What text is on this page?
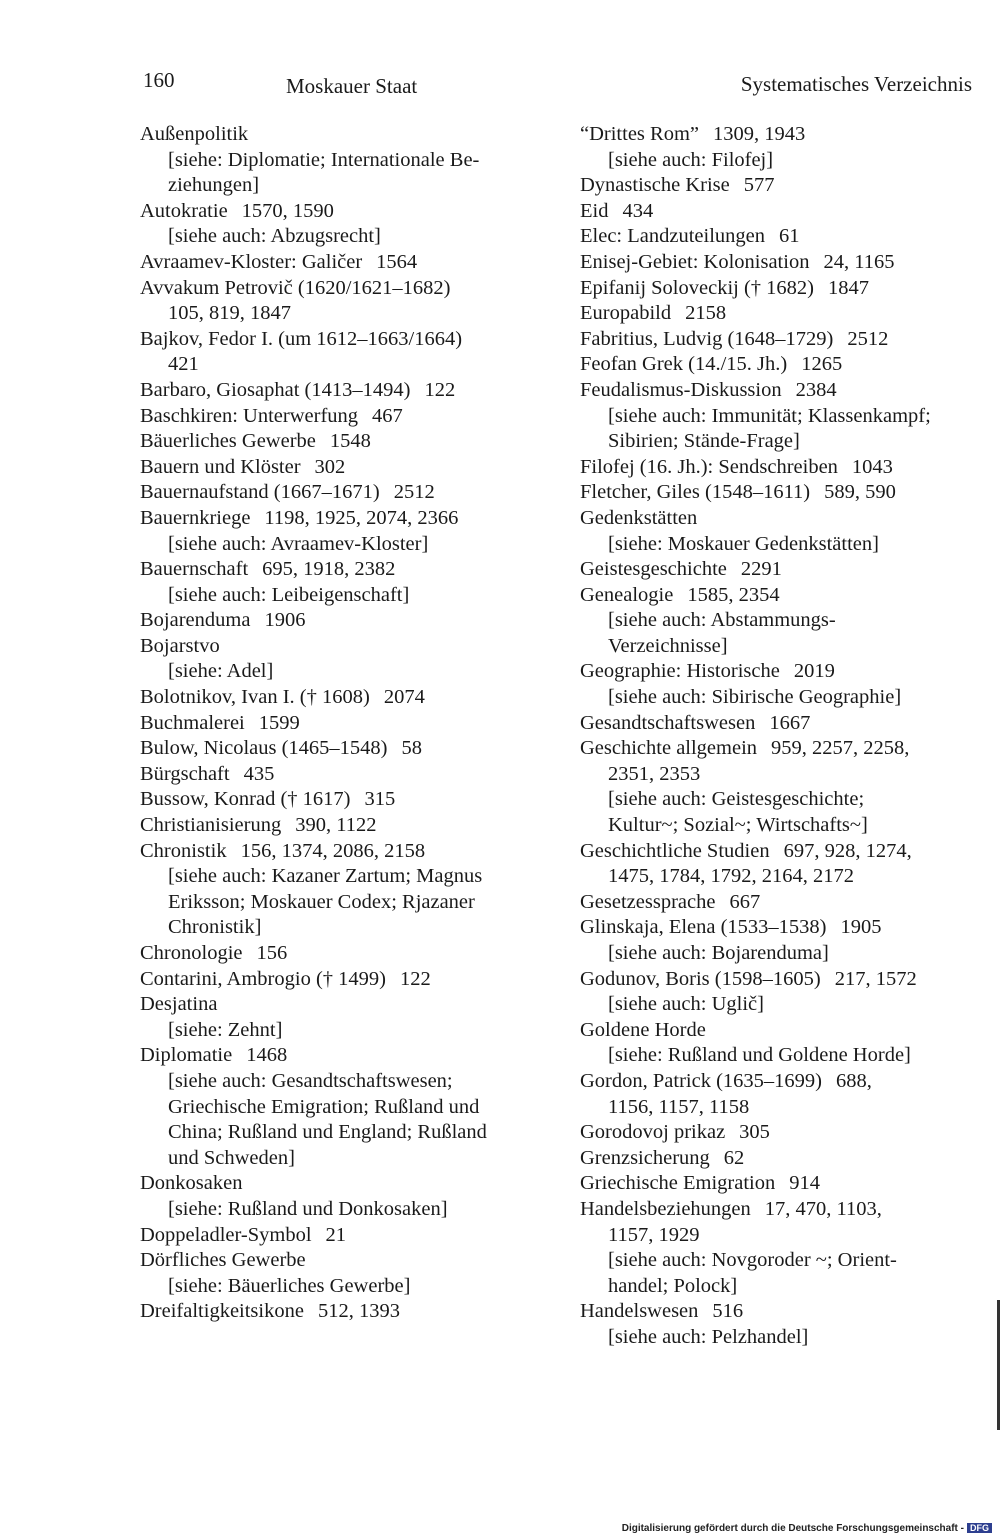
160	Moskauer Staat	Systematisches Verzeichnis
Außenpolitik
[siehe: Diplomatie; Internationale Be-
ziehungen]
Autokratie 1570, 1590
[siehe auch: Abzugsrecht]
Avraamev-Kloster: Galičer 1564
Avvakum Petrovič (1620/1621–1682)
105, 819, 1847
Bajkov, Fedor I. (um 1612–1663/1664)
421
Barbaro, Giosaphat (1413–1494) 122
Baschkiren: Unterwerfung 467
Bäuerliches Gewerbe 1548
Bauern und Klöster 302
Bauernaufstand (1667–1671) 2512
Bauernkriege 1198, 1925, 2074, 2366
[siehe auch: Avraamev-Kloster]
Bauernschaft 695, 1918, 2382
[siehe auch: Leibeigenschaft]
Bojarenduma 1906
Bojarstvo
[siehe: Adel]
Bolotnikov, Ivan I. († 1608) 2074
Buchmalerei 1599
Bulow, Nicolaus (1465–1548) 58
Bürgschaft 435
Bussow, Konrad († 1617) 315
Christianisierung 390, 1122
Chronistik 156, 1374, 2086, 2158
[siehe auch: Kazaner Zartum; Magnus
Eriksson; Moskauer Codex; Rjazaner
Chronistik]
Chronologie 156
Contarini, Ambrogio († 1499) 122
Desjatina
[siehe: Zehnt]
Diplomatie 1468
[siehe auch: Gesandtschaftswesen;
Griechische Emigration; Rußland und
China; Rußland und England; Rußland
und Schweden]
Donkosaken
[siehe: Rußland und Donkosaken]
Doppeladler-Symbol 21
Dörfliches Gewerbe
[siehe: Bäuerliches Gewerbe]
Dreifaltigkeitsikone 512, 1393
“Drittes Rom” 1309, 1943
[siehe auch: Filofej]
Dynastische Krise 577
Eid 434
Elec: Landzuteilungen 61
Enisej-Gebiet: Kolonisation 24, 1165
Epifanij Soloveckij († 1682) 1847
Europabild 2158
Fabritius, Ludvig (1648–1729) 2512
Feofan Grek (14./15. Jh.) 1265
Feudalismus-Diskussion 2384
[siehe auch: Immunität; Klassenkampf;
Sibirien; Stände-Frage]
Filofej (16. Jh.): Sendschreiben 1043
Fletcher, Giles (1548–1611) 589, 590
Gedenkstätten
[siehe: Moskauer Gedenkstätten]
Geistesgeschichte 2291
Genealogie 1585, 2354
[siehe auch: Abstammungs-
Verzeichnisse]
Geographie: Historische 2019
[siehe auch: Sibirische Geographie]
Gesandtschaftswesen 1667
Geschichte allgemein 959, 2257, 2258,
2351, 2353
[siehe auch: Geistesgeschichte;
Kultur~; Sozial~; Wirtschafts~]
Geschichtliche Studien 697, 928, 1274,
1475, 1784, 1792, 2164, 2172
Gesetzessprache 667
Glinskaja, Elena (1533–1538) 1905
[siehe auch: Bojarenduma]
Godunov, Boris (1598–1605) 217, 1572
[siehe auch: Uglič]
Goldene Horde
[siehe: Rußland und Goldene Horde]
Gordon, Patrick (1635–1699) 688,
1156, 1157, 1158
Gorodovoj prikaz 305
Grenzsicherung 62
Griechische Emigration 914
Handelsbeziehungen 17, 470, 1103,
1157, 1929
[siehe auch: Novgoroder ~; Orient-
handel; Polock]
Handelswesen 516
[siehe auch: Pelzhandel]
Digitalisierung gefördert durch die Deutsche Forschungsgemeinschaft - DFG
